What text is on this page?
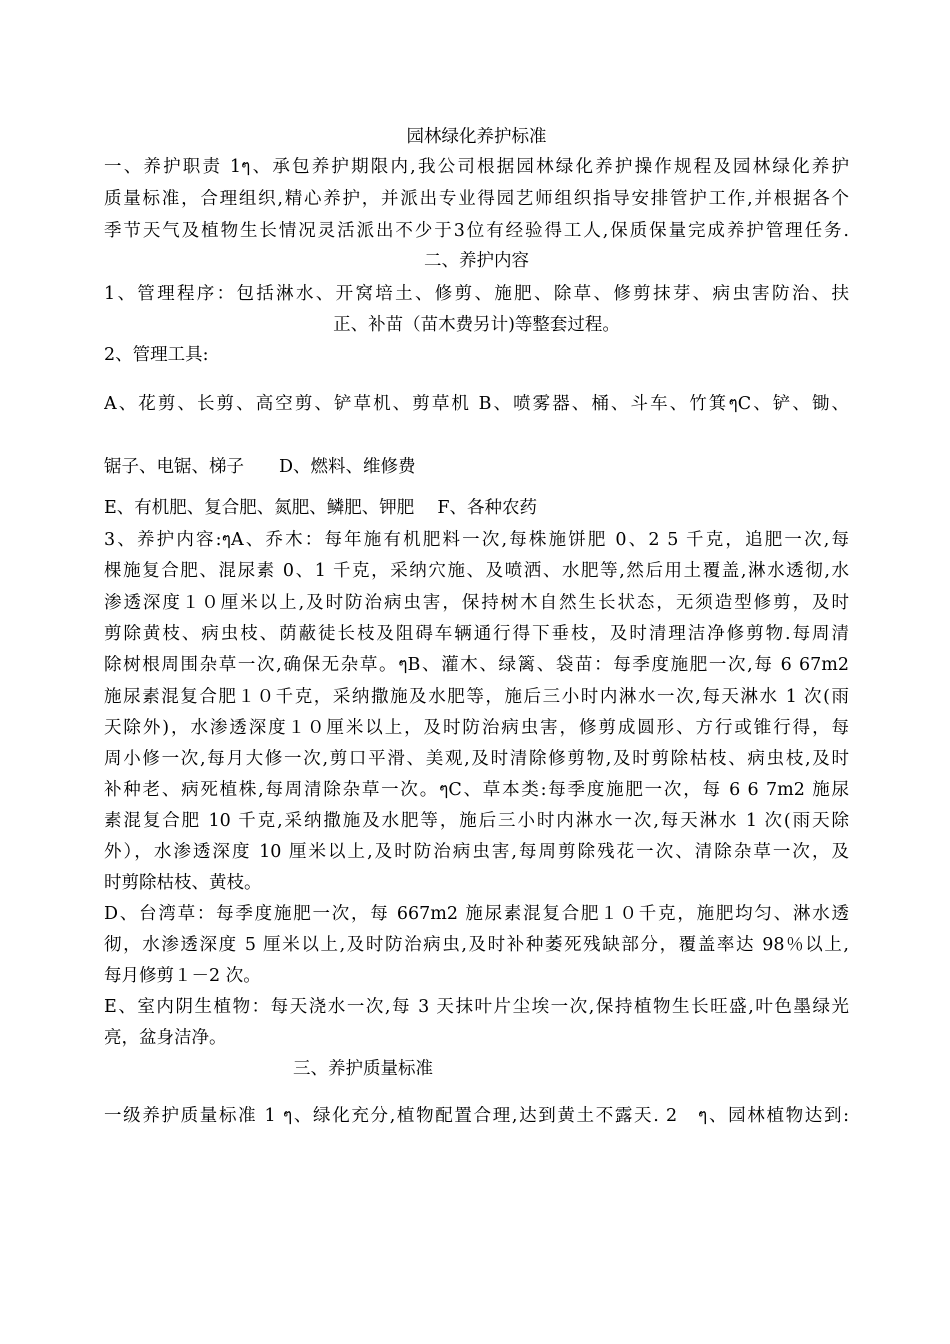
园林绿化养护标准
一、养护职责 1ๆ、承包养护期限内,我公司根据园林绿化养护操作规程及园林绿化养护
质量标准，合理组织,精心养护，并派出专业得园艺师组织指导安排管护工作,并根据各个
季节天气及植物生长情况灵活派出不少于3位有经验得工人,保质保量完成养护管理任务.
二、养护内容
1、管理程序：包括淋水、开窝培土、修剪、施肥、除草、修剪抹芽、病虫害防治、扶
正、补苗（苗木费另计)等整套过程。
2、管理工具:
A、花剪、长剪、高空剪、铲草机、剪草机 B、喷雾器、桶、斗车、竹箕ๆC、铲、锄、
锯子、电锯、梯子　　D、燃料、维修费
E、有机肥、复合肥、氮肥、鳞肥、钾肥　 F、各种农药
3、养护内容:ๆA、乔木：每年施有机肥料一次,每株施饼肥 0、2 5 千克，追肥一次,每
棵施复合肥、混尿素 0、1 千克，采纳穴施、及喷洒、水肥等,然后用土覆盖,淋水透彻,水
渗透深度１０厘米以上,及时防治病虫害，保持树木自然生长状态，无须造型修剪，及时
剪除黄枝、病虫枝、荫蔽徒长枝及阻碍车辆通行得下垂枝，及时清理洁净修剪物.每周清
除树根周围杂草一次,确保无杂草。ๆB、灌木、绿篱、袋苗：每季度施肥一次,每 6 67m2
施尿素混复合肥１０千克，采纳撒施及水肥等，施后三小时内淋水一次,每天淋水 1 次(雨
天除外)，水渗透深度１０厘米以上，及时防治病虫害，修剪成圆形、方行或锥行得，每
周小修一次,每月大修一次,剪口平滑、美观,及时清除修剪物,及时剪除枯枝、病虫枝,及时
补种老、病死植株,每周清除杂草一次。ๆC、草本类:每季度施肥一次，每 6 6 7m2 施尿
素混复合肥 10 千克,采纳撒施及水肥等，施后三小时内淋水一次,每天淋水 1 次(雨天除
外），水渗透深度 10 厘米以上,及时防治病虫害,每周剪除残花一次、清除杂草一次，及
时剪除枯枝、黄枝。
D、台湾草：每季度施肥一次，每 667m2 施尿素混复合肥１０千克，施肥均匀、淋水透
彻，水渗透深度 5 厘米以上,及时防治病虫,及时补种萎死残缺部分，覆盖率达 98％以上,
每月修剪１－2 次。
E、室内阴生植物：每天浇水一次,每 3 天抹叶片尘埃一次,保持植物生长旺盛,叶色墨绿光
亮，盆身洁净。
三、养护质量标准
一级养护质量标准 1 ๆ、绿化充分,植物配置合理,达到黄土不露天. 2　ๆ、园林植物达到:
